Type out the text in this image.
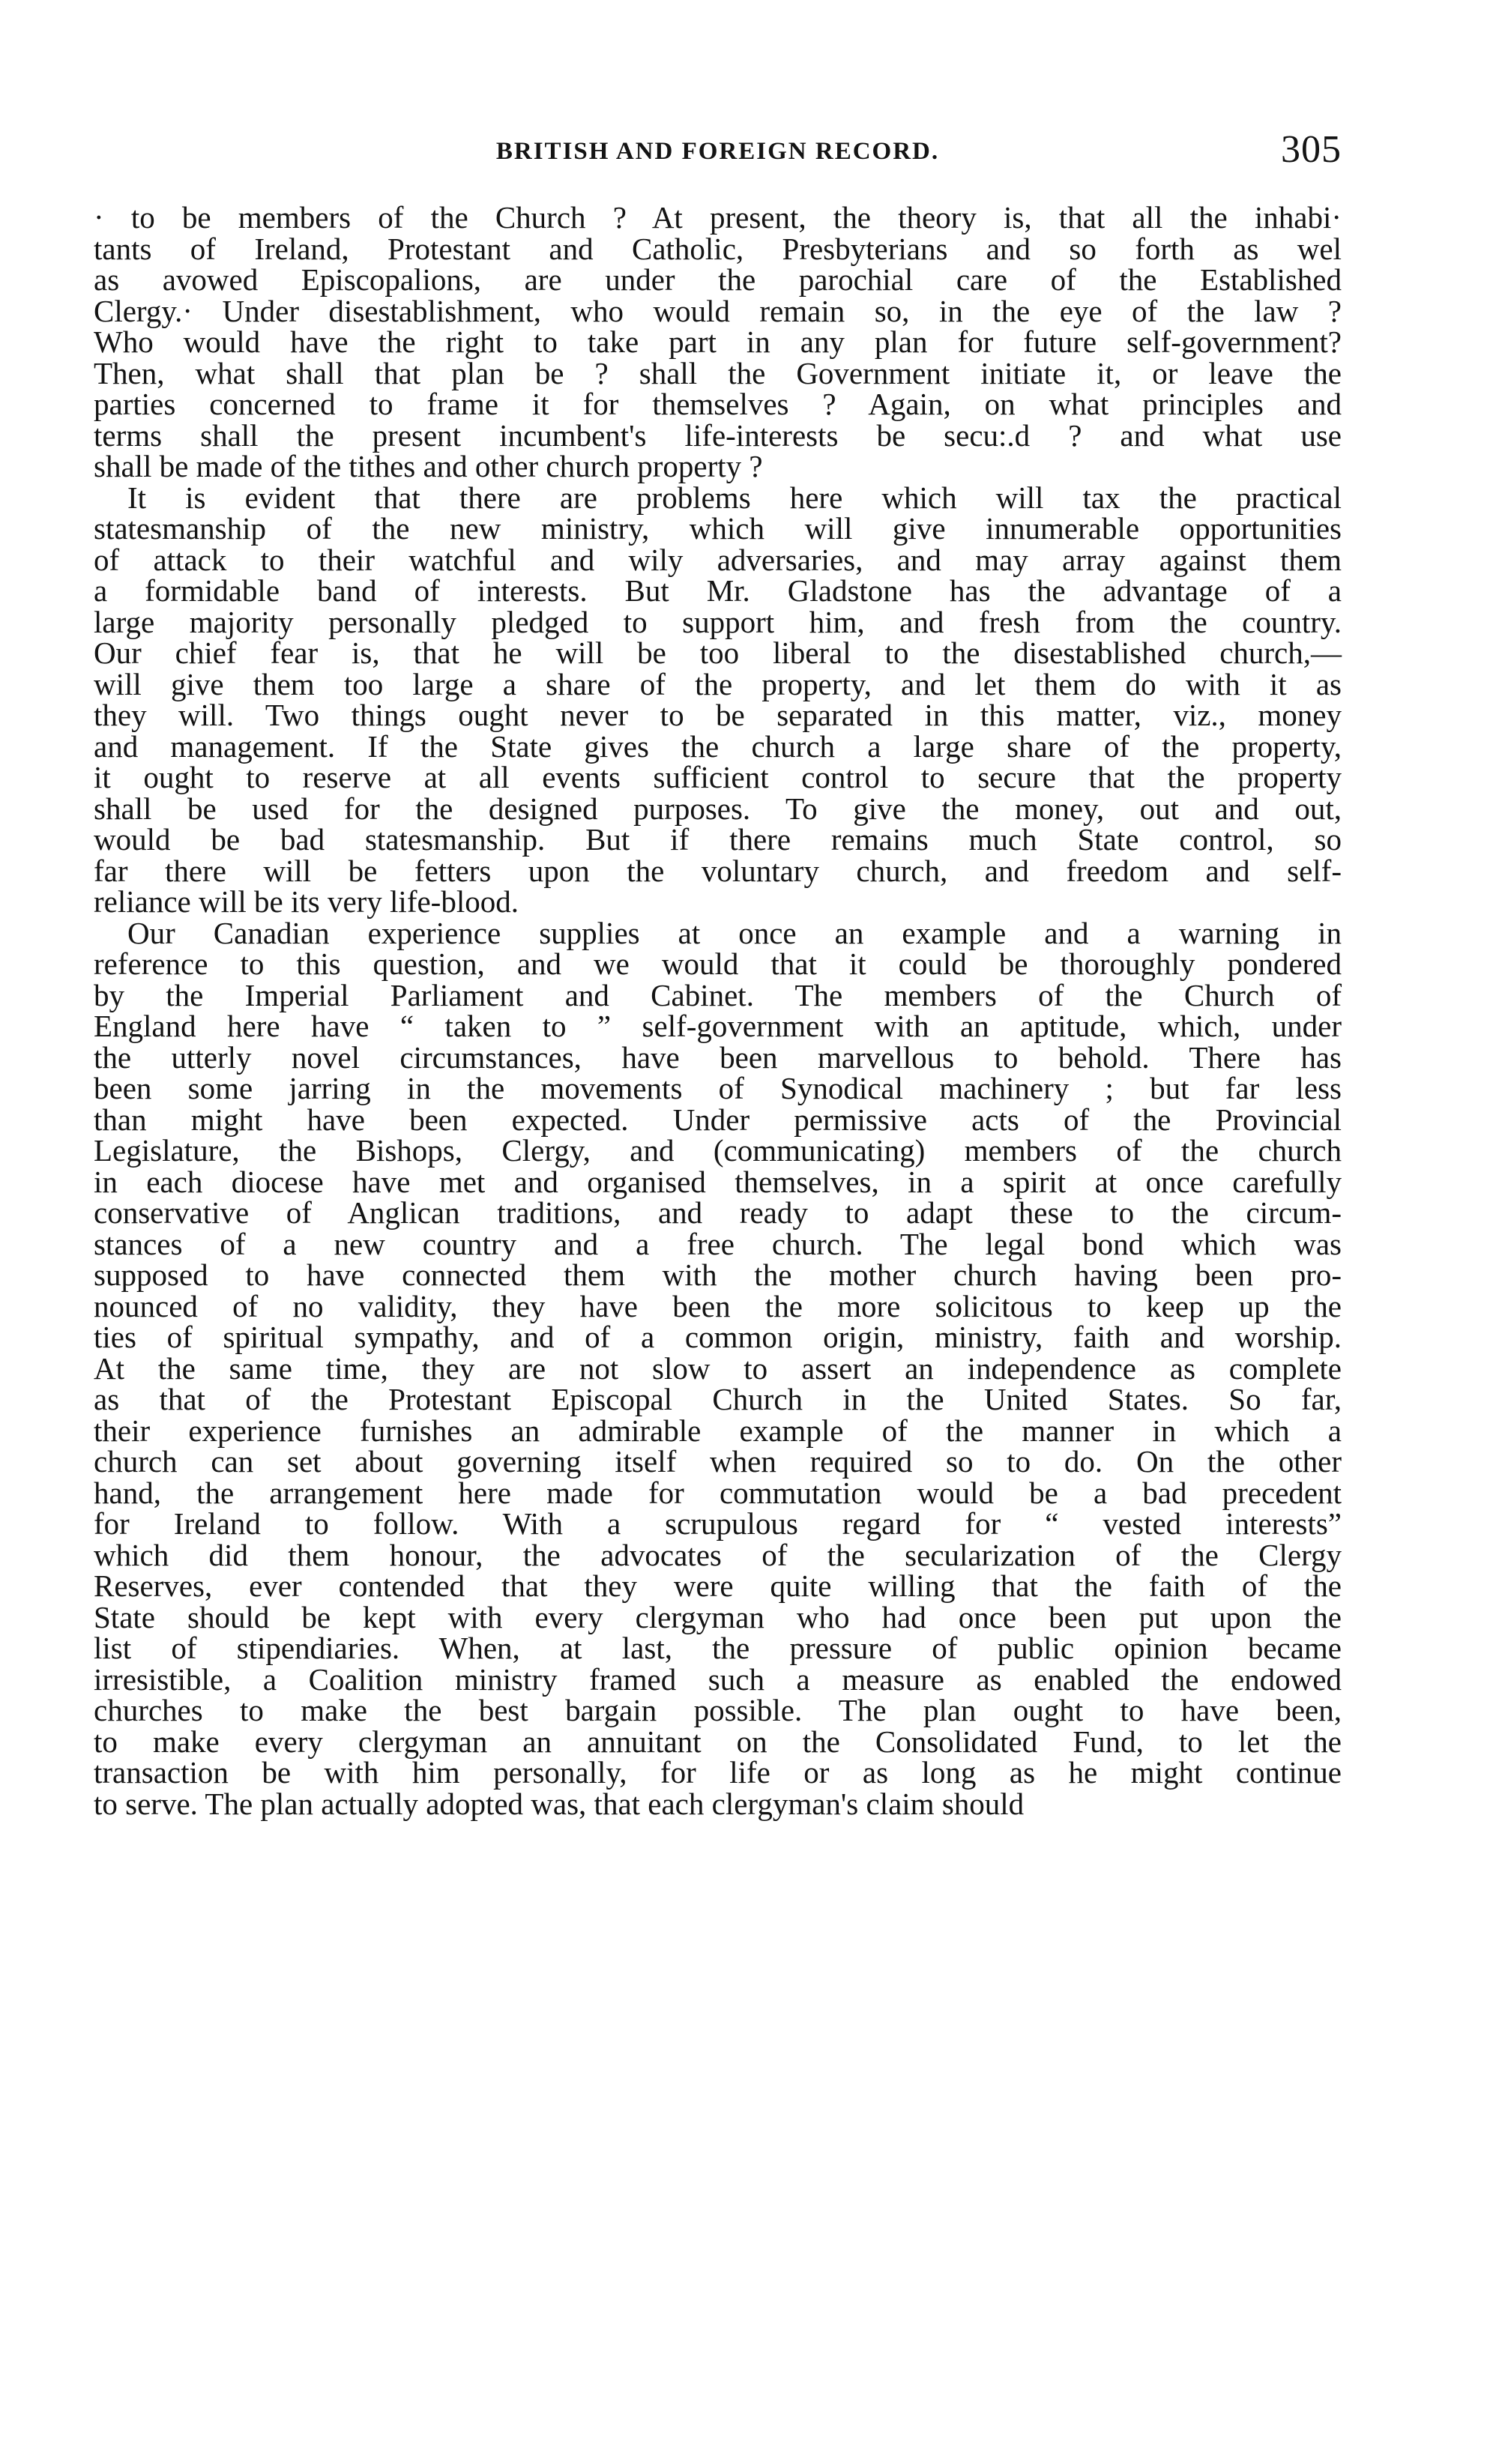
BRITISH AND FOREIGN RECORD.	305
· to be members of the Church ? At present, the theory is, that all the inhabi·
tants of Ireland, Protestant and Catholic, Presbyterians and so forth as wel
as avowed Episcopalions, are under the parochial care of the Established
Clergy.· Under disestablishment, who would remain so, in the eye of the law ?
Who would have the right to take part in any plan for future self-government?
Then, what shall that plan be ? shall the Government initiate it, or leave the
parties concerned to frame it for themselves ? Again, on what principles and
terms shall the present incumbent's life-interests be secu:.d ? and what use
shall be made of the tithes and other church property ?
It is evident that there are problems here which will tax the practical
statesmanship of the new ministry, which will give innumerable opportunities
of attack to their watchful and wily adversaries, and may array against them
a formidable band of interests. But Mr. Gladstone has the advantage of a
large majority personally pledged to support him, and fresh from the country.
Our chief fear is, that he will be too liberal to the disestablished church,—
will give them too large a share of the property, and let them do with it as
they will. Two things ought never to be separated in this matter, viz., money
and management. If the State gives the church a large share of the property,
it ought to reserve at all events sufficient control to secure that the property
shall be used for the designed purposes. To give the money, out and out,
would be bad statesmanship. But if there remains much State control, so
far there will be fetters upon the voluntary church, and freedom and self-
reliance will be its very life-blood.
Our Canadian experience supplies at once an example and a warning in
reference to this question, and we would that it could be thoroughly pondered
by the Imperial Parliament and Cabinet. The members of the Church of
England here have “ taken to ” self-government with an aptitude, which, under
the utterly novel circumstances, have been marvellous to behold. There has
been some jarring in the movements of Synodical machinery ; but far less
than might have been expected. Under permissive acts of the Provincial
Legislature, the Bishops, Clergy, and (communicating) members of the church
in each diocese have met and organised themselves, in a spirit at once carefully
conservative of Anglican traditions, and ready to adapt these to the circum-
stances of a new country and a free church. The legal bond which was
supposed to have connected them with the mother church having been pro-
nounced of no validity, they have been the more solicitous to keep up the
ties of spiritual sympathy, and of a common origin, ministry, faith and worship.
At the same time, they are not slow to assert an independence as complete
as that of the Protestant Episcopal Church in the United States. So far,
their experience furnishes an admirable example of the manner in which a
church can set about governing itself when required so to do. On the other
hand, the arrangement here made for commutation would be a bad precedent
for Ireland to follow. With a scrupulous regard for “ vested interests”
which did them honour, the advocates of the secularization of the Clergy
Reserves, ever contended that they were quite willing that the faith of the
State should be kept with every clergyman who had once been put upon the
list of stipendiaries. When, at last, the pressure of public opinion became
irresistible, a Coalition ministry framed such a measure as enabled the endowed
churches to make the best bargain possible. The plan ought to have been,
to make every clergyman an annuitant on the Consolidated Fund, to let the
transaction be with him personally, for life or as long as he might continue
to serve. The plan actually adopted was, that each clergyman's claim should
